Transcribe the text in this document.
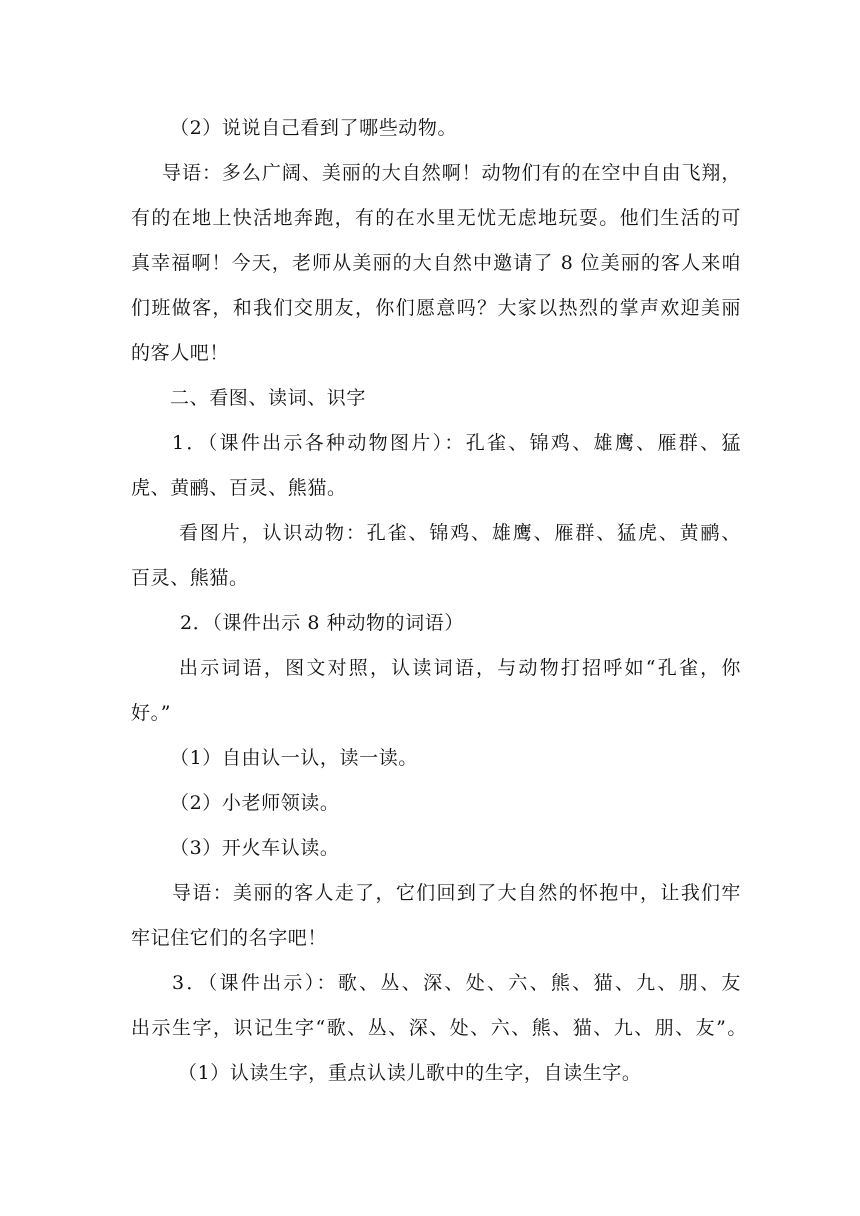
（2）说说自己看到了哪些动物。
导语：多么广阔、美丽的大自然啊！动物们有的在空中自由飞翔，
有的在地上快活地奔跑，有的在水里无忧无虑地玩耍。他们生活的可
真幸福啊！今天，老师从美丽的大自然中邀请了 8 位美丽的客人来咱
们班做客，和我们交朋友，你们愿意吗？大家以热烈的掌声欢迎美丽
的客人吧！
二、看图、读词、识字
1．（课件出示各种动物图片）：孔雀、锦鸡、雄鹰、雁群、猛
虎、黄鹂、百灵、熊猫。
看图片，认识动物：孔雀、锦鸡、雄鹰、雁群、猛虎、黄鹂、
百灵、熊猫。
2．（课件出示 8 种动物的词语）
出示词语，图文对照，认读词语，与动物打招呼如“孔雀，你
好。”
（1）自由认一认，读一读。
（2）小老师领读。
（3）开火车认读。
导语：美丽的客人走了，它们回到了大自然的怀抱中，让我们牢
牢记住它们的名字吧！
3．（课件出示）：歌、丛、深、处、六、熊、猫、九、朋、友
出示生字，识记生字“歌、丛、深、处、六、熊、猫、九、朋、友”。
（1）认读生字，重点认读儿歌中的生字，自读生字。
